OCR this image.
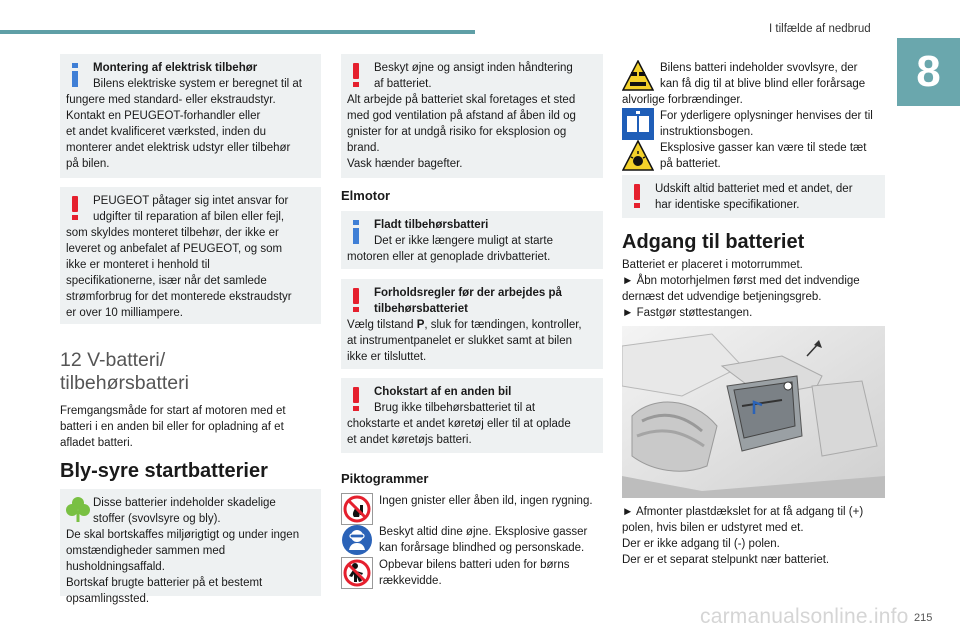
I tilfælde af nedbrud
8

Montering af elektrisk tilbehør

Bilens elektriske system er beregnet til at

fungere med standard- eller ekstraudstyr.

Kontakt en PEUGEOT-forhandler eller

et andet kvalificeret værksted, inden du

monterer andet elektrisk udstyr eller tilbehør

på bilen.

PEUGEOT påtager sig intet ansvar for

udgifter til reparation af bilen eller fejl,

som skyldes monteret tilbehør, der ikke er

leveret og anbefalet af PEUGEOT, og som

ikke er monteret i henhold til

specifikationerne, især når det samlede

strømforbrug for det monterede ekstraudstyr

er over 10 milliampere.

12 V-batteri/
tilbehørsbatteri

Fremgangsmåde for start af motoren med et

batteri i en anden bil eller for opladning af et

afladet batteri.

Bly-syre startbatterier

Disse batterier indeholder skadelige

stoffer (svovlsyre og bly).

De skal bortskaffes miljørigtigt og under ingen

omstændigheder sammen med husholdningsaffald.

Bortskaf brugte batterier på et bestemt

opsamlingssted.

Beskyt øjne og ansigt inden håndtering

af batteriet.

Alt arbejde på batteriet skal foretages et sted

med god ventilation på afstand af åben ild og

gnister for at undgå risiko for eksplosion og

brand.

Vask hænder bagefter.

Elmotor

Fladt tilbehørsbatteri

Det er ikke længere muligt at starte

motoren eller at genoplade drivbatteriet.

Forholdsregler før der arbejdes på

tilbehørsbatteriet

Vælg tilstand P, sluk for tændingen, kontroller,

at instrumentpanelet er slukket samt at bilen

ikke er tilsluttet.

Chokstart af en anden bil

Brug ikke tilbehørsbatteriet til at

chokstarte et andet køretøj eller til at oplade

et andet køretøjs batteri.

Piktogrammer

Ingen gnister eller åben ild, ingen rygning.

Beskyt altid dine øjne. Eksplosive gasser

kan forårsage blindhed og personskade.

Opbevar bilens batteri uden for børns

rækkevidde.

Bilens batteri indeholder svovlsyre, der

kan få dig til at blive blind eller forårsage

alvorlige forbrændinger.

For yderligere oplysninger henvises der til

instruktionsbogen.

Eksplosive gasser kan være til stede tæt

på batteriet.

Udskift altid batteriet med et andet, der

har identiske specifikationer.

Adgang til batteriet

Batteriet er placeret i motorrummet.

► Åbn motorhjelmen først med det indvendige

dernæst det udvendige betjeningsgreb.

► Fastgør støttestangen.

► Afmonter plastdækslet for at få adgang til (+)

polen, hvis bilen er udstyret med et.

Der er ikke adgang til (-) polen.

Der er et separat stelpunkt nær batteriet.

carmanualsonline.info 215
